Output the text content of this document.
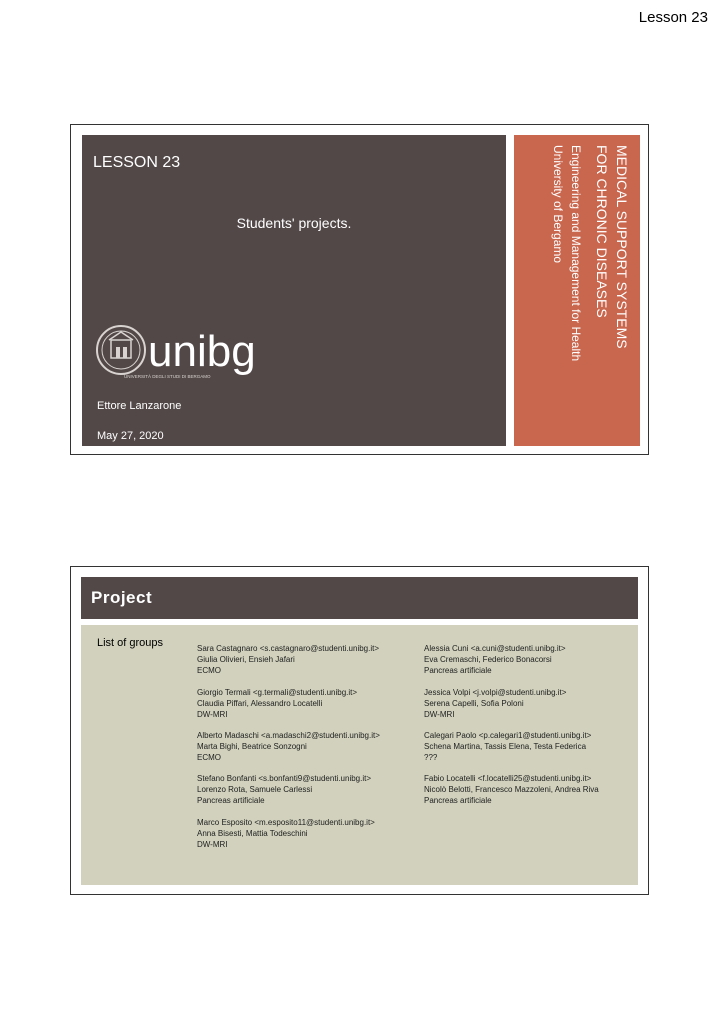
Lesson 23
LESSON 23
Students' projects.
unibg
UNIVERSITÀ DEGLI STUDI DI BERGAMO
Ettore Lanzarone
May 27, 2020
MEDICAL SUPPORT SYSTEMS
FOR CHRONIC DISEASES
Engineering and Management for Health
University of Bergamo
Project
List of groups	Sara Castagnaro <s.castagnaro@studenti.unibg.it>
Giulia Olivieri, Ensieh Jafari
ECMO
Alessia Cuni <a.cuni@studenti.unibg.it>
Eva Cremaschi, Federico Bonacorsi
Pancreas artificiale
Giorgio Termali <g.termali@studenti.unibg.it>
Claudia Piffari, Alessandro Locatelli
DW-MRI
Jessica Volpi <j.volpi@studenti.unibg.it>
Serena Capelli, Sofia Poloni
DW-MRI
Alberto Madaschi <a.madaschi2@studenti.unibg.it>
Marta Bighi, Beatrice Sonzogni
ECMO
Calegari Paolo <p.calegari1@studenti.unibg.it>
Schena Martina, Tassis Elena, Testa Federica
???
Stefano Bonfanti <s.bonfanti9@studenti.unibg.it>
Lorenzo Rota, Samuele Carlessi
Pancreas artificiale
Fabio Locatelli <f.locatelli25@studenti.unibg.it>
Nicolò Belotti, Francesco Mazzoleni, Andrea Riva
Pancreas artificiale
Marco Esposito <m.esposito11@studenti.unibg.it>
Anna Bisesti, Mattia Todeschini
DW-MRI
